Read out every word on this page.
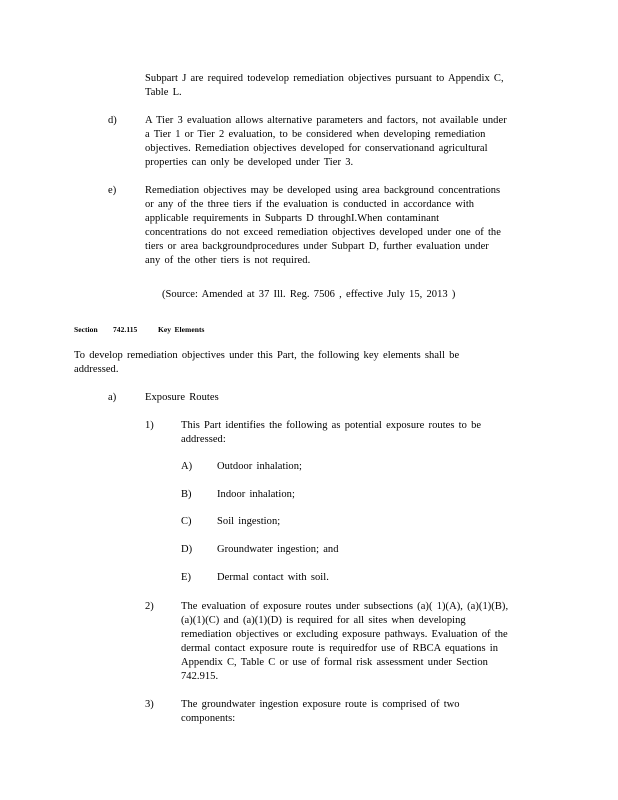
Subpart J are required todevelop remediation objectives pursuant to Appendix C,
Table L.
d)	A Tier 3 evaluation allows alternative parameters and factors, not available under
a Tier 1 or Tier 2 evaluation, to be considered when developing remediation
objectives. Remediation objectives developed for conservationand agricultural
properties can only be developed under Tier 3.
e)	Remediation objectives may be developed using area background concentrations
or any of the three tiers if the evaluation is conducted in accordance with
applicable requirements in Subparts D throughI.When contaminant
concentrations do not exceed remediation objectives developed under one of the
tiers or area backgroundprocedures under Subpart D, further evaluation under
any of the other tiers is not required.
(Source: Amended at 37 Ill. Reg. 7506 , effective July 15, 2013 )
Section 742.115	Key Elements
To develop remediation objectives under this Part, the following key elements shall be
addressed.
a)	Exposure Routes
1)	This Part identifies the following as potential exposure routes to be
addressed:
A) Outdoor inhalation;
B) Indoor inhalation;
C) Soil ingestion;
D) Groundwater ingestion; and
E) Dermal contact with soil.
2)	The evaluation of exposure routes under subsections (a)( 1)(A), (a)(1)(B),
(a)(1)(C) and (a)(1)(D) is required for all sites when developing
remediation objectives or excluding exposure pathways. Evaluation of the
dermal contact exposure route is requiredfor use of RBCA equations in
Appendix C, Table C or use of formal risk assessment under Section
742.915.
3)	The groundwater ingestion exposure route is comprised of two
components:
